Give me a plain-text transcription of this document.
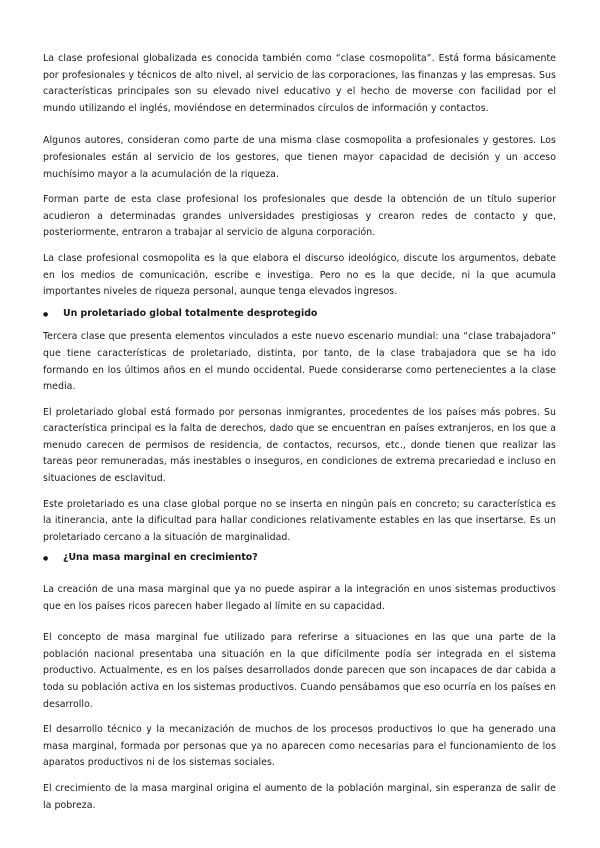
La clase profesional globalizada es conocida también como “clase cosmopolita”. Está forma básicamente por profesionales y técnicos de alto nivel, al servicio de las corporaciones, las finanzas y las empresas. Sus características principales son su elevado nivel educativo y el hecho de moverse con facilidad por el mundo utilizando el inglés, moviéndose en determinados círculos de información y contactos.

Algunos autores, consideran como parte de una misma clase cosmopolita a profesionales y gestores. Los profesionales están al servicio de los gestores, que tienen mayor capacidad de decisión y un acceso muchísimo mayor a la acumulación de la riqueza.

Forman parte de esta clase profesional los profesionales que desde la obtención de un título superior acudieron a determinadas grandes universidades prestigiosas y crearon redes de contacto y que, posteriormente, entraron a trabajar al servicio de alguna corporación.

La clase profesional cosmopolita es la que elabora el discurso ideológico, discute los argumentos, debate en los medios de comunicación, escribe e investiga. Pero no es la que decide, ni la que acumula importantes niveles de riqueza personal, aunque tenga elevados ingresos.

●	Un proletariado global totalmente desprotegido

Tercera clase que presenta elementos vinculados a este nuevo escenario mundial: una “clase trabajadora” que tiene características de proletariado, distinta, por tanto, de la clase trabajadora que se ha ido formando en los últimos años en el mundo occidental. Puede considerarse como pertenecientes a la clase media.

El proletariado global está formado por personas inmigrantes, procedentes de los países más pobres. Su característica principal es la falta de derechos, dado que se encuentran en países extranjeros, en los que a menudo carecen de permisos de residencia, de contactos, recursos, etc., donde tienen que realizar las tareas peor remuneradas, más inestables o inseguros, en condiciones de extrema precariedad e incluso en situaciones de esclavitud.

Este proletariado es una clase global porque no se inserta en ningún país en concreto; su característica es la itinerancia, ante la dificultad para hallar condiciones relativamente estables en las que insertarse. Es un proletariado cercano a la situación de marginalidad.

●	¿Una masa marginal en crecimiento?

La creación de una masa marginal que ya no puede aspirar a la integración en unos sistemas productivos que en los países ricos parecen haber llegado al límite en su capacidad.

El concepto de masa marginal fue utilizado para referirse a situaciones en las que una parte de la población nacional presentaba una situación en la que difícilmente podía ser integrada en el sistema productivo. Actualmente, es en los países desarrollados donde parecen que son incapaces de dar cabida a toda su población activa en los sistemas productivos. Cuando pensábamos que eso ocurría en los países en desarrollo.

El desarrollo técnico y la mecanización de muchos de los procesos productivos lo que ha generado una masa marginal, formada por personas que ya no aparecen como necesarias para el funcionamiento de los aparatos productivos ni de los sistemas sociales.

El crecimiento de la masa marginal origina el aumento de la población marginal, sin esperanza de salir de la pobreza.
